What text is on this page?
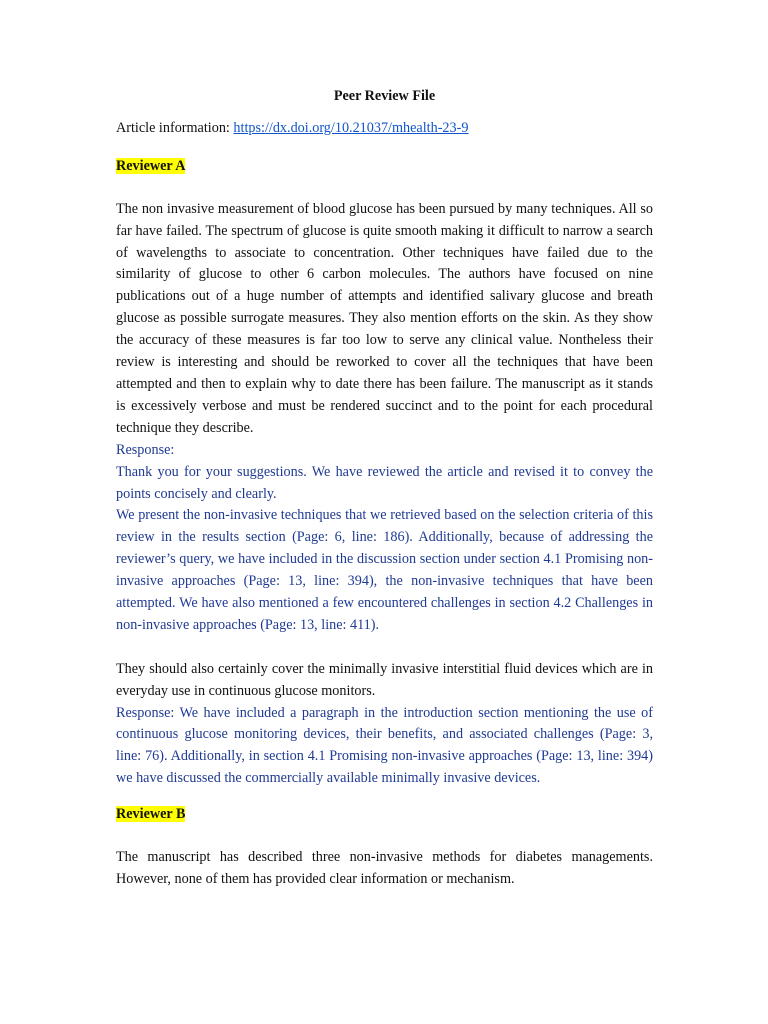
Peer Review File
Article information: https://dx.doi.org/10.21037/mhealth-23-9
Reviewer A

The non invasive measurement of blood glucose has been pursued by many techniques. All so far have failed. The spectrum of glucose is quite smooth making it difficult to narrow a search of wavelengths to associate to concentration. Other techniques have failed due to the similarity of glucose to other 6 carbon molecules. The authors have focused on nine publications out of a huge number of attempts and identified salivary glucose and breath glucose as possible surrogate measures. They also mention efforts on the skin. As they show the accuracy of these measures is far too low to serve any clinical value. Nontheless their review is interesting and should be reworked to cover all the techniques that have been attempted and then to explain why to date there has been failure. The manuscript as it stands is excessively verbose and must be rendered succinct and to the point for each procedural technique they describe.

Response:

Thank you for your suggestions. We have reviewed the article and revised it to convey the points concisely and clearly.

We present the non-invasive techniques that we retrieved based on the selection criteria of this review in the results section (Page: 6, line: 186). Additionally, because of addressing the reviewer’s query, we have included in the discussion section under section 4.1 Promising non-invasive approaches (Page: 13, line: 394), the non-invasive techniques that have been attempted. We have also mentioned a few encountered challenges in section 4.2 Challenges in non-invasive approaches (Page: 13, line: 411).

They should also certainly cover the minimally invasive interstitial fluid devices which are in everyday use in continuous glucose monitors.

Response: We have included a paragraph in the introduction section mentioning the use of continuous glucose monitoring devices, their benefits, and associated challenges (Page: 3, line: 76). Additionally, in section 4.1 Promising non-invasive approaches (Page: 13, line: 394) we have discussed the commercially available minimally invasive devices.

Reviewer B

The manuscript has described three non-invasive methods for diabetes managements. However, none of them has provided clear information or mechanism.
